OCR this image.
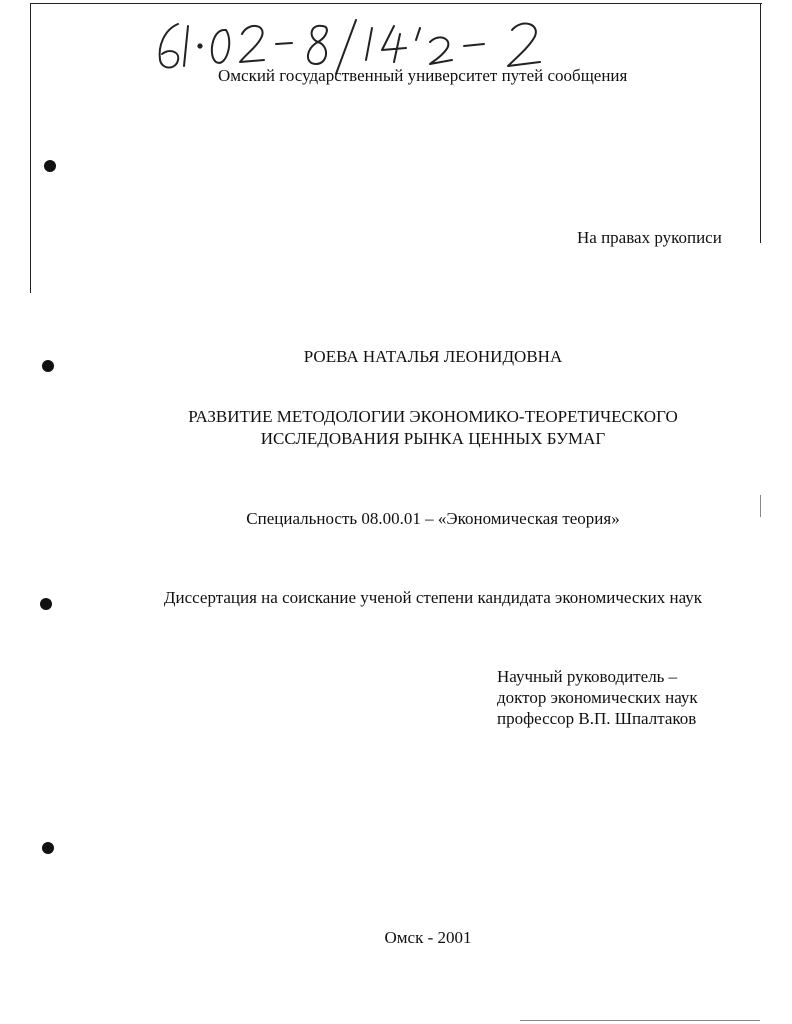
Омский государственный университет путей сообщения
На правах рукописи
РОЕВА НАТАЛЬЯ ЛЕОНИДОВНА
РАЗВИТИЕ МЕТОДОЛОГИИ ЭКОНОМИКО-ТЕОРЕТИЧЕСКОГО
ИССЛЕДОВАНИЯ РЫНКА ЦЕННЫХ БУМАГ
Специальность 08.00.01 – «Экономическая теория»
Диссертация на соискание ученой степени кандидата экономических наук
Научный руководитель –
доктор экономических наук
профессор В.П. Шпалтаков
Омск - 2001
